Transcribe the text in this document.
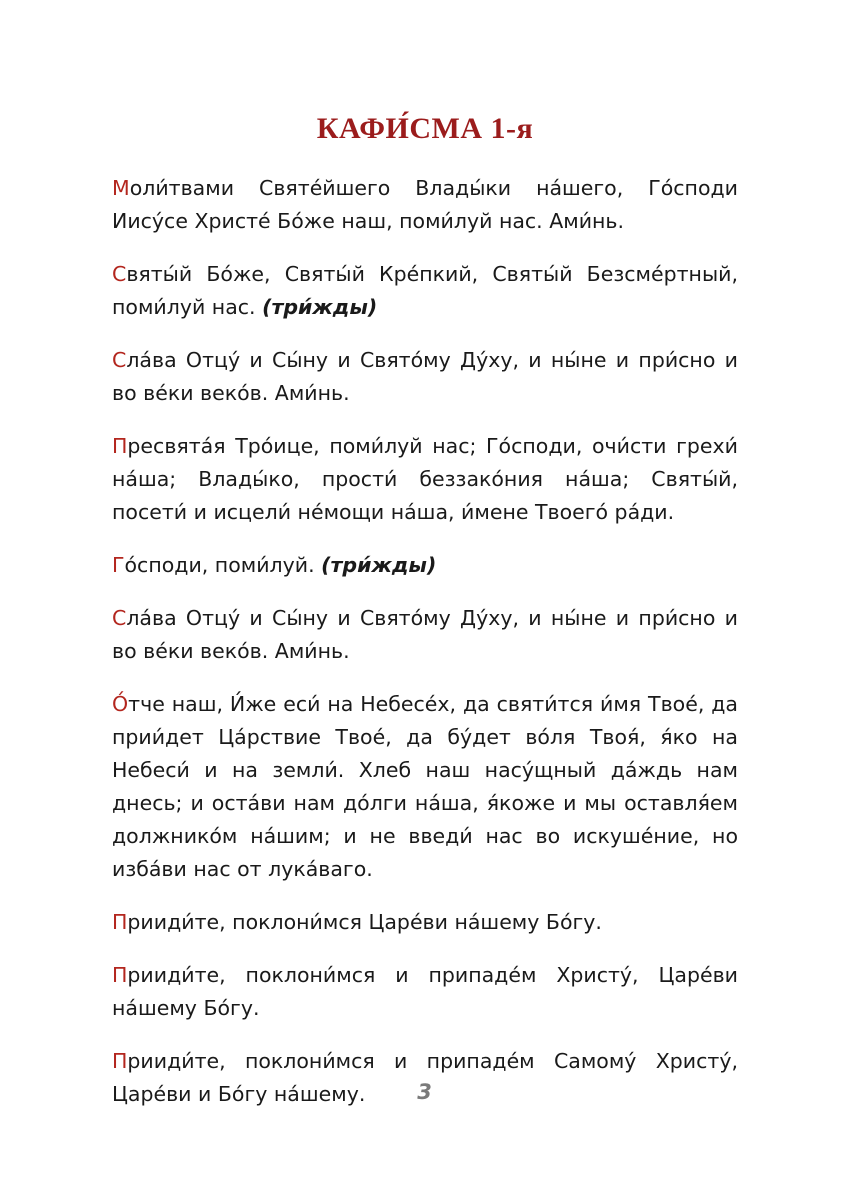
КАФИ́СМА 1-я

Моли́твами Святе́йшего Влады́ки на́шего, Го́споди Иису́се Христе́ Бо́же наш, поми́луй нас. Ами́нь.

Святы́й Бо́же, Святы́й Кре́пкий, Святы́й Безсме́ртный, поми́луй нас. (три́жды)

Сла́ва Отцу́ и Сы́ну и Свято́му Ду́ху, и ны́не и при́сно и во ве́ки веко́в. Ами́нь.

Пресвята́я Тро́ице, поми́луй нас; Го́споди, очи́сти грехи́ на́ша; Влады́ко, прости́ беззако́ния на́ша; Святы́й, посети́ и исцели́ не́мощи на́ша, и́мене Твоего́ ра́ди.

Го́споди, поми́луй. (три́жды)

Сла́ва Отцу́ и Сы́ну и Свято́му Ду́ху, и ны́не и при́сно и во ве́ки веко́в. Ами́нь.

О́тче наш, И́же еси́ на Небесе́х, да святи́тся и́мя Твое́, да прии́дет Ца́рствие Твое́, да бу́дет во́ля Твоя́, я́ко на Небеси́ и на земли́. Хлеб наш насу́щный да́ждь нам днесь; и оста́ви нам до́лги на́ша, я́коже и мы оставля́ем должнико́м на́шим; и не введи́ нас во искуше́ние, но изба́ви нас от лука́ваго.

Прииди́те, поклони́мся Царе́ви на́шему Бо́гу.

Прииди́те, поклони́мся и припаде́м Христу́, Царе́ви на́шему Бо́гу.

Прииди́те, поклони́мся и припаде́м Самому́ Христу́, Царе́ви и Бо́гу на́шему.	3
